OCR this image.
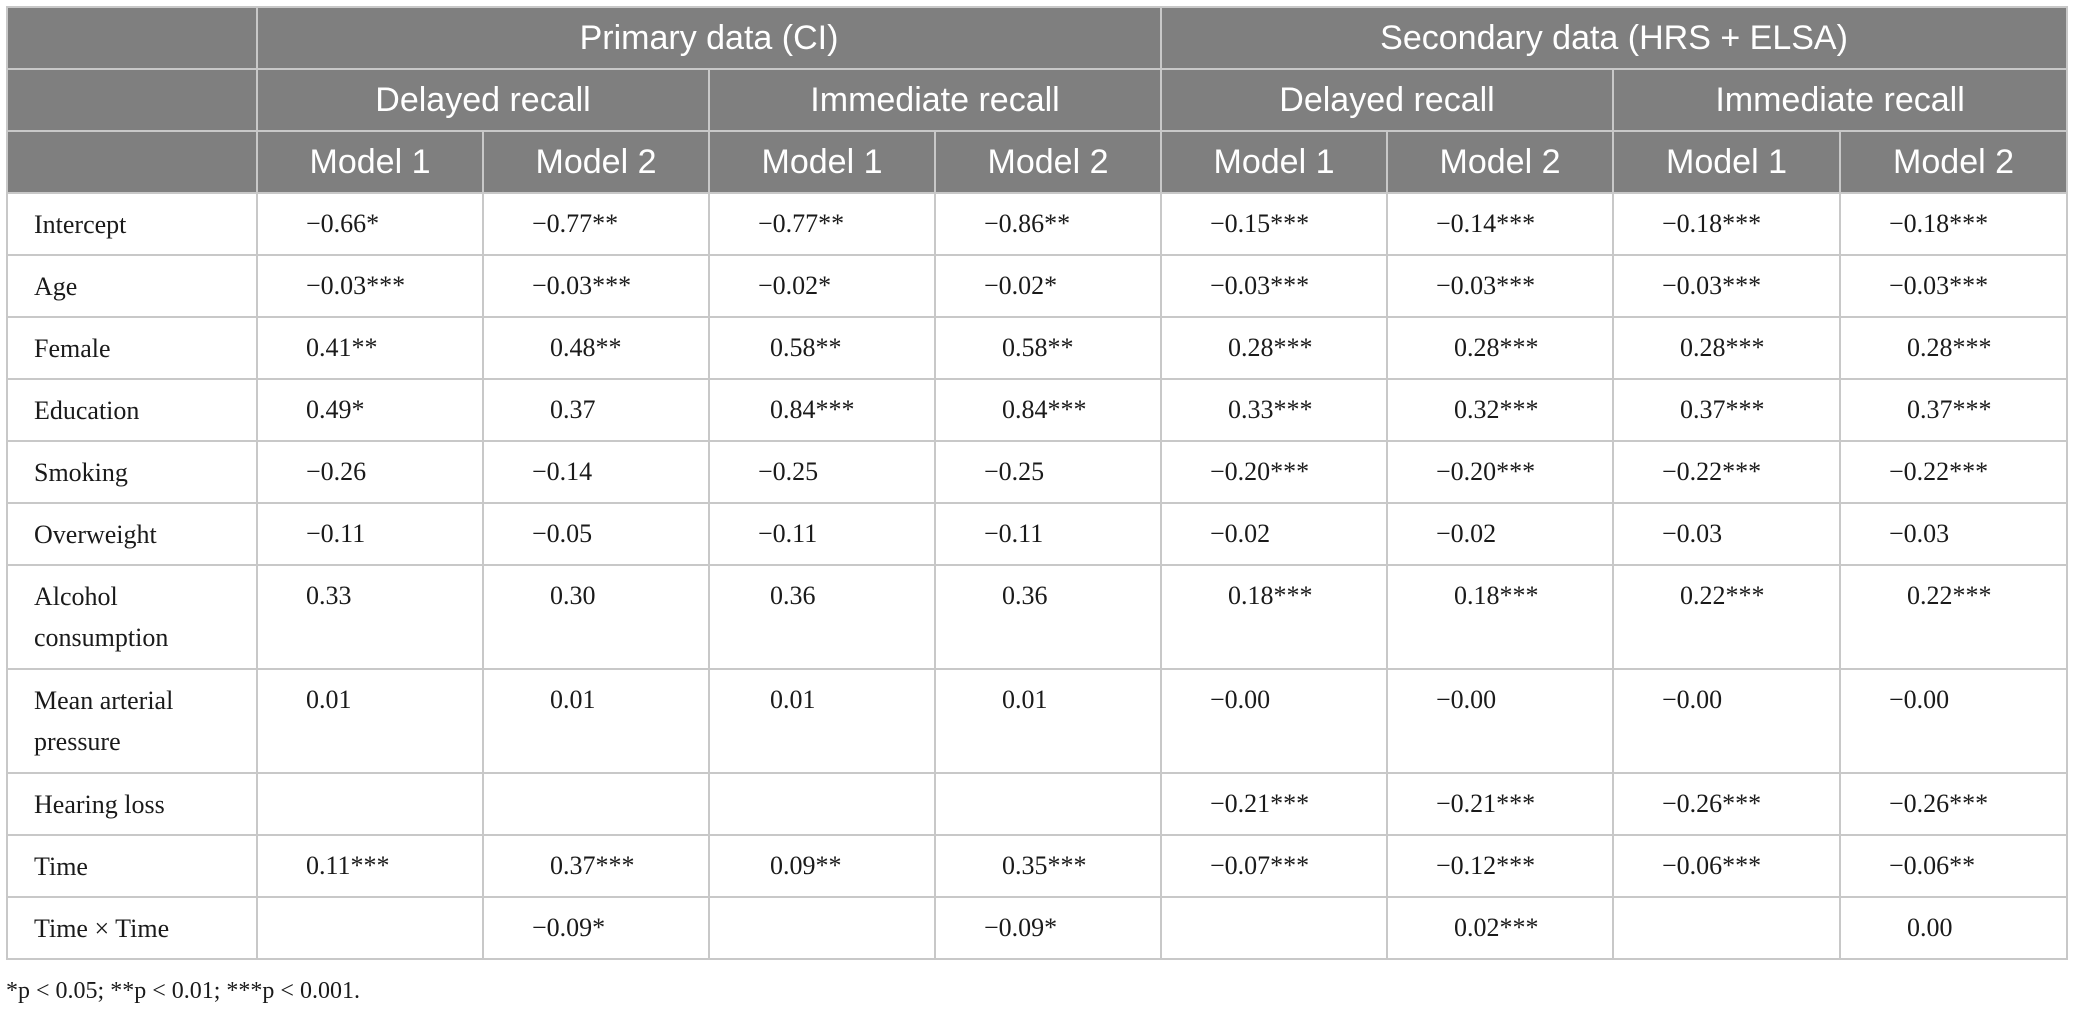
	Primary data (CI)				Secondary data (HRS + ELSA)			
	Delayed recall		Immediate recall		Delayed recall		Immediate recall	
	Model 1	Model 2	Model 1	Model 2	Model 1	Model 2	Model 1	Model 2
Intercept	−0.66*	−0.77**	−0.77**	−0.86**	−0.15***	−0.14***	−0.18***	−0.18***
Age	−0.03***	−0.03***	−0.02*	−0.02*	−0.03***	−0.03***	−0.03***	−0.03***
Female	0.41**	0.48**	0.58**	0.58**	0.28***	0.28***	0.28***	0.28***
Education	0.49*	0.37	0.84***	0.84***	0.33***	0.32***	0.37***	0.37***
Smoking	−0.26	−0.14	−0.25	−0.25	−0.20***	−0.20***	−0.22***	−0.22***
Overweight	−0.11	−0.05	−0.11	−0.11	−0.02	−0.02	−0.03	−0.03
Alcohol consumption	0.33	0.30	0.36	0.36	0.18***	0.18***	0.22***	0.22***
Mean arterial pressure	0.01	0.01	0.01	0.01	−0.00	−0.00	−0.00	−0.00
Hearing loss					−0.21***	−0.21***	−0.26***	−0.26***
Time	0.11***	0.37***	0.09**	0.35***	−0.07***	−0.12***	−0.06***	−0.06**
Time × Time		−0.09*		−0.09*		0.02***		0.00
*p < 0.05; **p < 0.01; ***p < 0.001.
